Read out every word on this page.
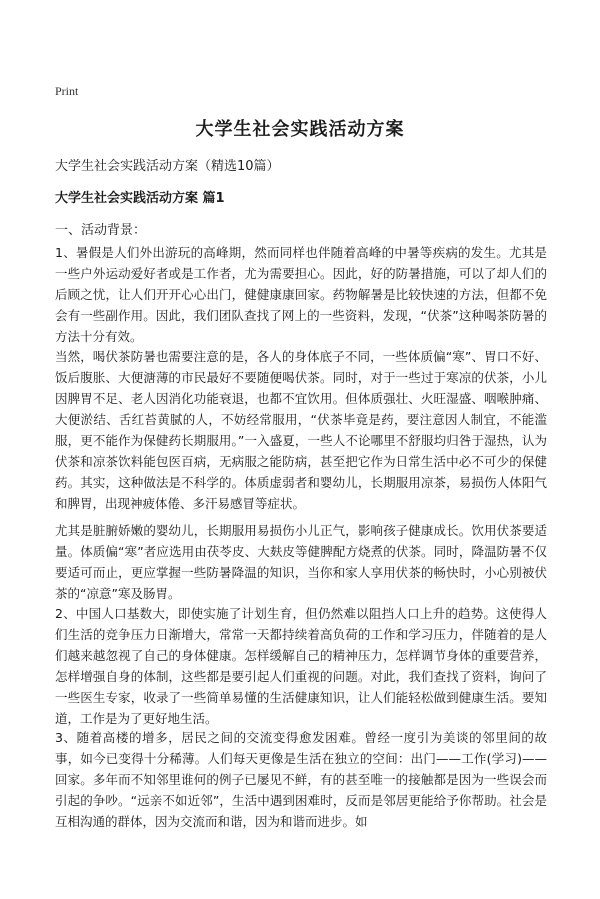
Print
大学生社会实践活动方案
大学生社会实践活动方案（精选10篇）
大学生社会实践活动方案 篇1
一、活动背景：

1、暑假是人们外出游玩的高峰期，然而同样也伴随着高峰的中暑等疾病的发生。尤其是一些户外运动爱好者或是工作者，尤为需要担心。因此，好的防暑措施，可以了却人们的后顾之忧，让人们开开心心出门，健健康康回家。药物解暑是比较快速的方法，但都不免会有一些副作用。因此，我们团队查找了网上的一些资料，发现，“伏茶”这种喝茶防暑的方法十分有效。

当然，喝伏茶防暑也需要注意的是，各人的身体底子不同，一些体质偏“寒”、胃口不好、饭后腹胀、大便溏薄的市民最好不要随便喝伏茶。同时，对于一些过于寒凉的伏茶，小儿因脾胃不足、老人因消化功能衰退，也都不宜饮用。但体质强壮、火旺湿盛、咽喉肿痛、大便淤结、舌红苔黄腻的人，不妨经常服用，“伏茶毕竟是药，要注意因人制宜，不能滥服，更不能作为保健药长期服用。”一入盛夏，一些人不论哪里不舒服均归咎于湿热，认为伏茶和凉茶饮料能包医百病，无病服之能防病，甚至把它作为日常生活中必不可少的保健药。其实，这种做法是不科学的。体质虚弱者和婴幼儿，长期服用凉茶，易损伤人体阳气和脾胃，出现神疲体倦、多汗易感冒等症状。

尤其是脏腑娇嫩的婴幼儿，长期服用易损伤小儿正气，影响孩子健康成长。饮用伏茶要适量。体质偏“寒”者应选用由茯苓皮、大麸皮等健脾配方烧煮的伏茶。同时，降温防暑不仅要适可而止，更应掌握一些防暑降温的知识，当你和家人享用伏茶的畅快时，小心别被伏茶的“凉意”寒及肠胃。

2、中国人口基数大，即使实施了计划生育，但仍然难以阻挡人口上升的趋势。这使得人们生活的竞争压力日渐增大，常常一天都持续着高负荷的工作和学习压力，伴随着的是人们越来越忽视了自己的身体健康。怎样缓解自己的精神压力，怎样调节身体的重要营养，怎样增强自身的体制，这些都是要引起人们重视的问题。对此，我们查找了资料，询问了一些医生专家，收录了一些简单易懂的生活健康知识，让人们能轻松做到健康生活。要知道，工作是为了更好地生活。

3、随着高楼的增多，居民之间的交流变得愈发困难。曾经一度引为美谈的邻里间的故事，如今已变得十分稀薄。人们每天更像是生活在独立的空间：出门——工作(学习)——回家。多年而不知邻里谁何的例子已屡见不鲜，有的甚至唯一的接触都是因为一些误会而引起的争吵。“远亲不如近邻”，生活中遇到困难时，反而是邻居更能给予你帮助。社会是互相沟通的群体，因为交流而和谐，因为和谐而进步。如
